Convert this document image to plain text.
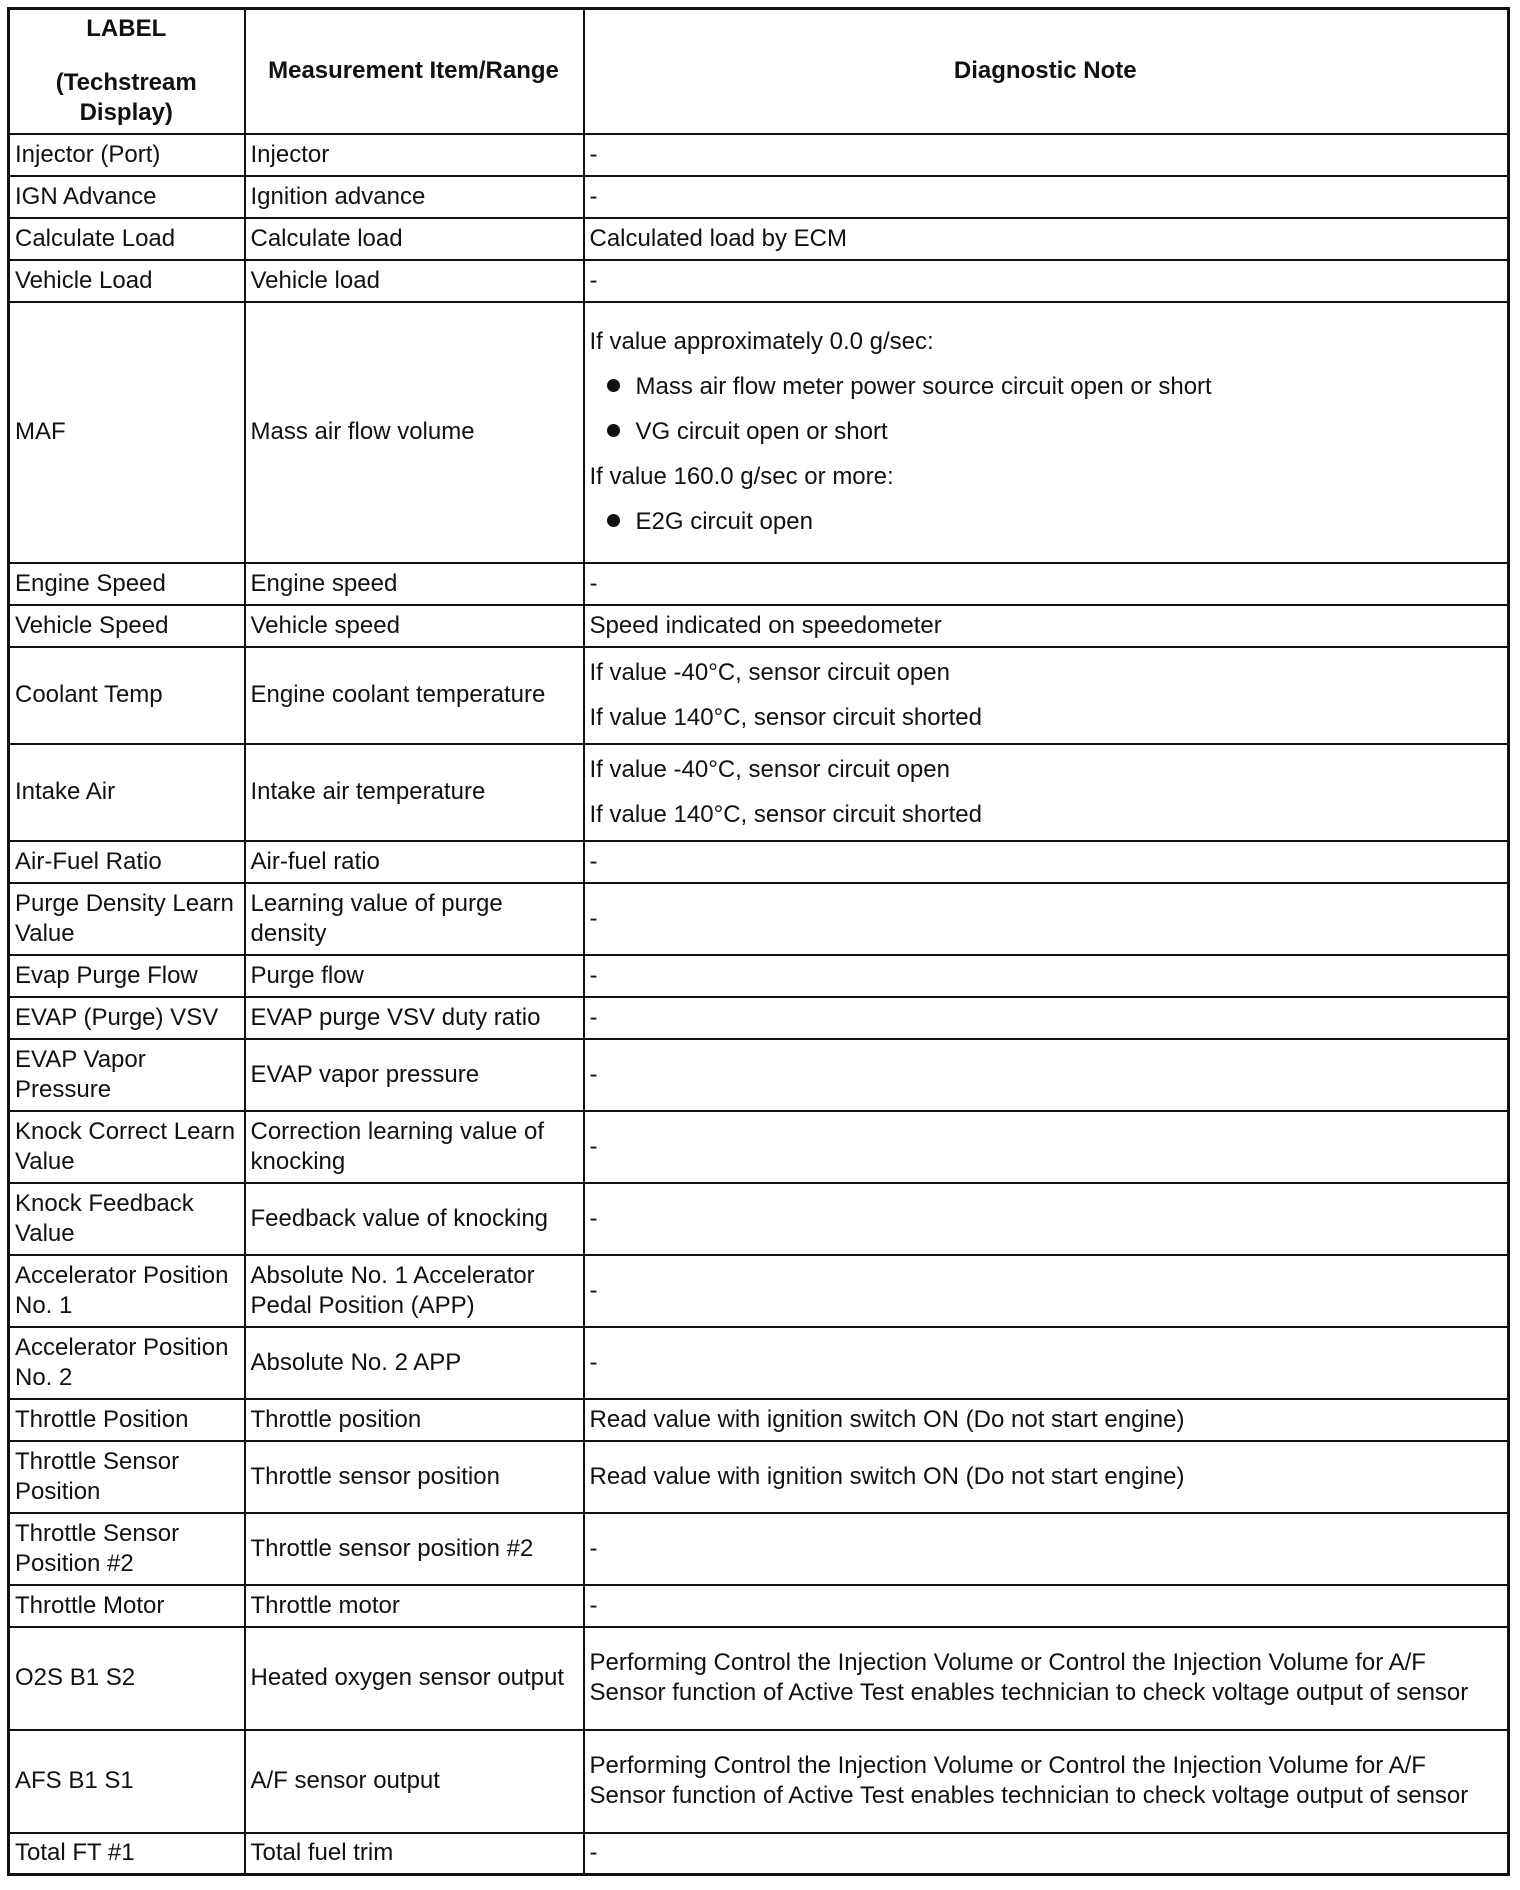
LABEL
(Techstream
Display)	Measurement Item/Range	Diagnostic Note
Injector (Port)	Injector	-
IGN Advance	Ignition advance	-
Calculate Load	Calculate load	Calculated load by ECM
Vehicle Load	Vehicle load	-
MAF	Mass air flow volume	If value approximately 0.0 g/sec:
Mass air flow meter power source circuit open or short
VG circuit open or short
If value 160.0 g/sec or more:
E2G circuit open

Engine Speed	Engine speed	-
Vehicle Speed	Vehicle speed	Speed indicated on speedometer
Coolant Temp	Engine coolant temperature	If value -40°C, sensor circuit open
If value 140°C, sensor circuit shorted

Intake Air	Intake air temperature	If value -40°C, sensor circuit open
If value 140°C, sensor circuit shorted

Air-Fuel Ratio	Air-fuel ratio	-
Purge Density Learn Value	Learning value of purge density	-
Evap Purge Flow	Purge flow	-
EVAP (Purge) VSV	EVAP purge VSV duty ratio	-
EVAP Vapor Pressure	EVAP vapor pressure	-
Knock Correct Learn Value	Correction learning value of knocking	-
Knock Feedback Value	Feedback value of knocking	-
Accelerator Position No. 1	Absolute No. 1 Accelerator Pedal Position (APP)	-
Accelerator Position No. 2	Absolute No. 2 APP	-
Throttle Position	Throttle position	Read value with ignition switch ON (Do not start engine)
Throttle Sensor Position	Throttle sensor position	Read value with ignition switch ON (Do not start engine)
Throttle Sensor Position #2	Throttle sensor position #2	-
Throttle Motor	Throttle motor	-
O2S B1 S2	Heated oxygen sensor output	Performing Control the Injection Volume or Control the Injection Volume for A/F Sensor function of Active Test enables technician to check voltage output of sensor
AFS B1 S1	A/F sensor output	Performing Control the Injection Volume or Control the Injection Volume for A/F Sensor function of Active Test enables technician to check voltage output of sensor
Total FT #1	Total fuel trim	-
